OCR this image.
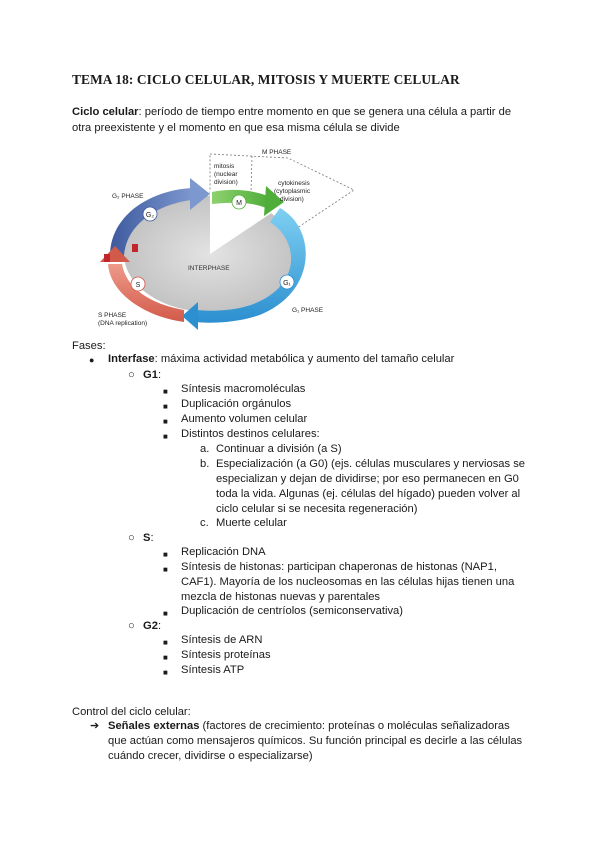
TEMA 18: CICLO CELULAR, MITOSIS Y MUERTE CELULAR
Ciclo celular: período de tiempo entre momento en que se genera una célula a partir de
otra preexistente y el momento en que esa misma célula se divide
G₂
M
G₁
S
M PHASE
mitosis
(nuclear
division)	cytokinesis
(cytoplasmic
division)
G₂ PHASE
INTERPHASE
S PHASE
(DNA replication)
G₁ PHASE
Fases:
● Interfase: máxima actividad metabólica y aumento del tamaño celular
○ G1:
■ Síntesis macromoléculas
■ Duplicación orgánulos
■ Aumento volumen celular
■ Distintos destinos celulares:
a. Continuar a división (a S)
b. Especialización (a G0) (ejs. células musculares y nerviosas se
especializan y dejan de dividirse; por eso permanecen en G0
toda la vida. Algunas (ej. células del hígado) pueden volver al
ciclo celular si se necesita regeneración)
c. Muerte celular
○ S:
■ Replicación DNA
■ Síntesis de histonas: participan chaperonas de histonas (NAP1,
CAF1). Mayoría de los nucleosomas en las células hijas tienen una
mezcla de histonas nuevas y parentales
■ Duplicación de centríolos (semiconservativa)
○ G2:
■ Síntesis de ARN
■ Síntesis proteínas
■ Síntesis ATP
Control del ciclo celular:
➔ Señales externas (factores de crecimiento: proteínas o moléculas señalizadoras
que actúan como mensajeros químicos. Su función principal es decirle a las células
cuándo crecer, dividirse o especializarse)
